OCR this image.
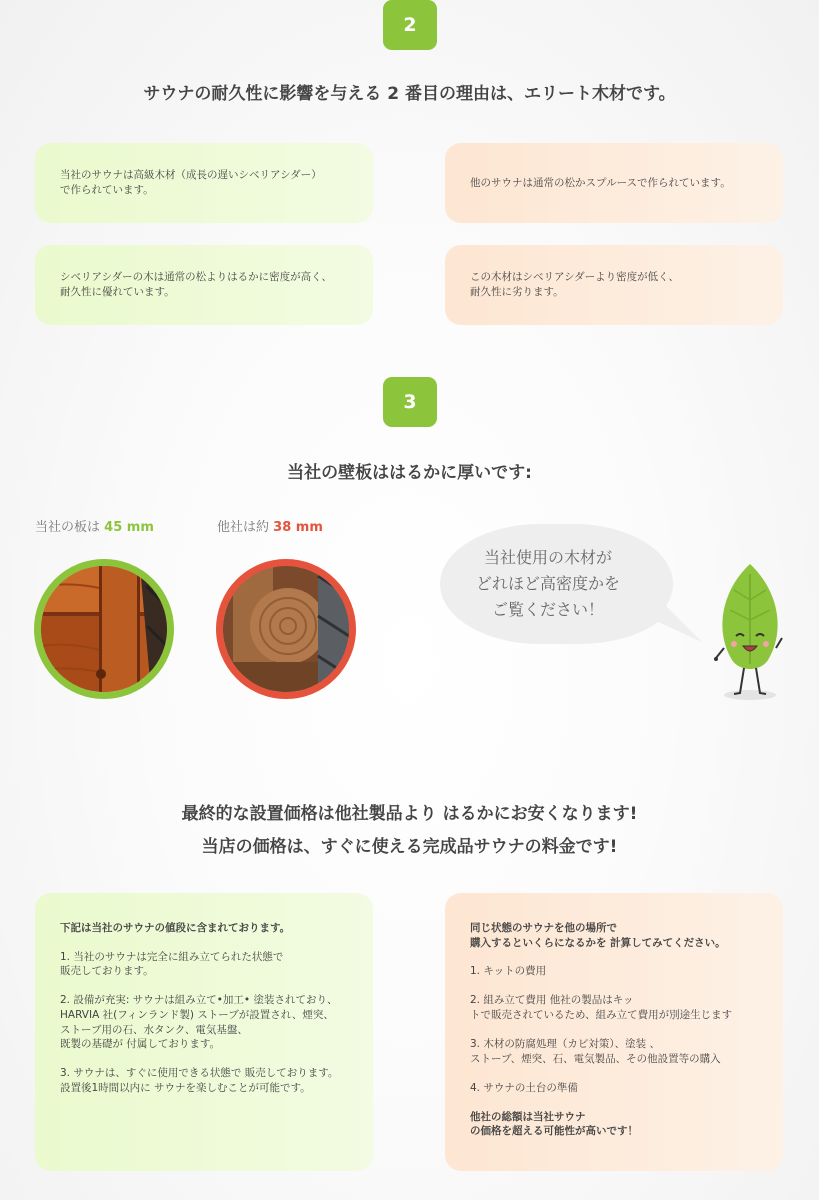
2
サウナの耐久性に影響を与える 2 番目の理由は、エリート木材です。
当社のサウナは高級木材（成長の遅いシベリアシダー）
で作られています。
他のサウナは通常の松かスプルースで作られています。
シベリアシダーの木は通常の松よりはるかに密度が高く、
耐久性に優れています。
この木材はシベリアシダーより密度が低く、
耐久性に劣ります。
3
当社の壁板ははるかに厚いです:
当社の板は 45 mm	他社は約 38 mm
当社使用の木材が
どれほど高密度かを
ご覧ください！
最終的な設置価格は他社製品より はるかにお安くなります!
当店の価格は、すぐに使える完成品サウナの料金です!
下記は当社のサウナの値段に含まれております。
1. 当社のサウナは完全に組み立てられた状態で
販売しております。

2. 設備が充実: サウナは組み立て•加工• 塗装されており、
HARVIA 社(フィンランド製) ストーブが設置され、煙突、
ストーブ用の石、水タンク、電気基盤、
既製の基礎が 付属しております。

3. サウナは、すぐに使用できる状態で 販売しております。
設置後1時間以内に サウナを楽しむことが可能です。
同じ状態のサウナを他の場所で
購入するといくらになるかを 計算してみてください。
1. キットの費用

2. 組み立て費用 他社の製品はキッ
トで販売されているため、組み立て費用が別途生じます

3. 木材の防腐処理（カビ対策）、塗装 、
ストーブ、煙突、石、電気製品、その他設置等の購入

4. サウナの土台の準備
他社の総額は当社サウナ
の価格を超える可能性が高いです！
